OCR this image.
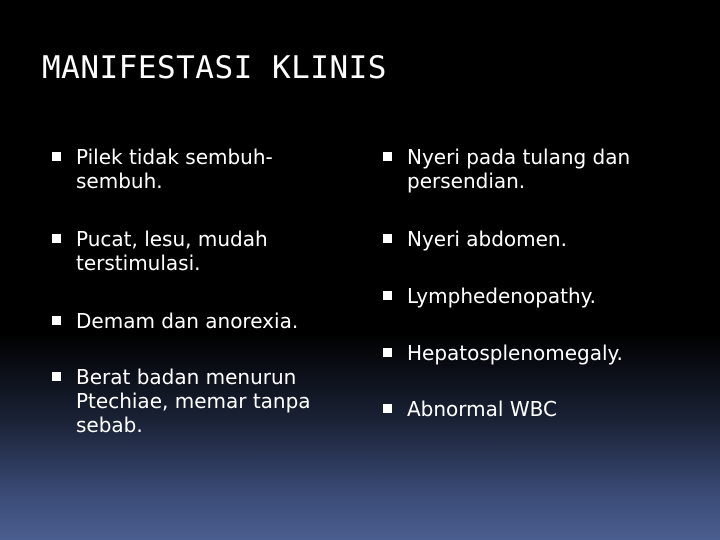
MANIFESTASI KLINIS
Pilek tidak sembuh-sembuh.
Pucat, lesu, mudah terstimulasi.
Demam dan anorexia.
Berat badan menurun Ptechiae, memar tanpa sebab.
Nyeri pada tulang dan persendian.
Nyeri abdomen.
Lymphedenopathy.
Hepatosplenomegaly.
Abnormal WBC
